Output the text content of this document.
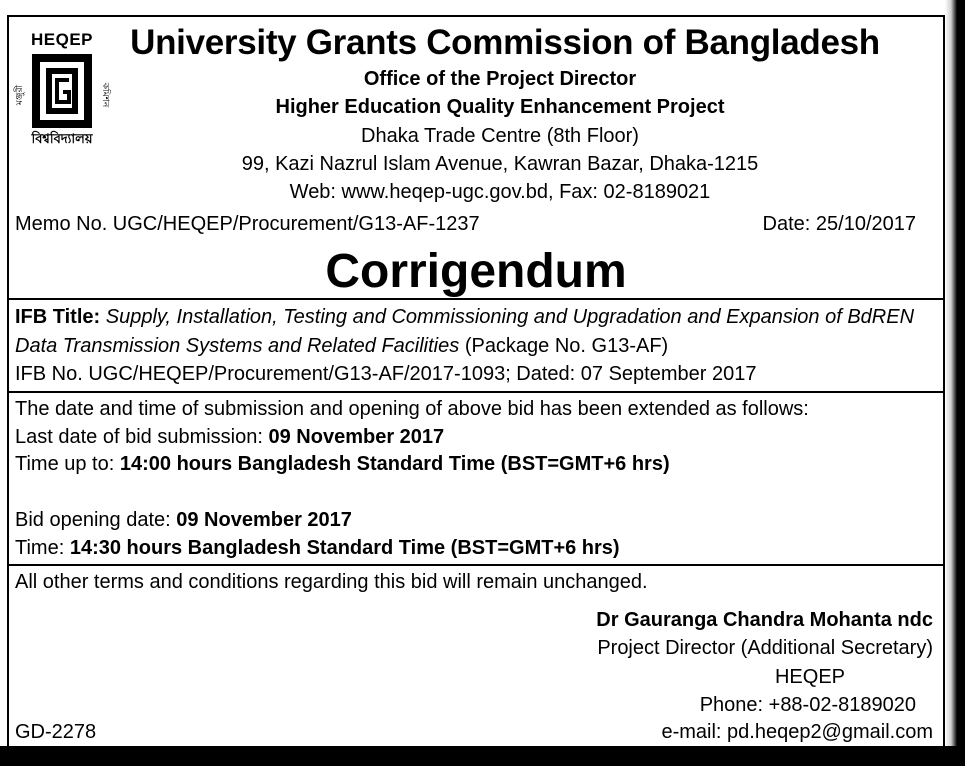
HEQEP
মঞ্জুরী	কমিশন
বিশ্ববিদ্যালয়
University Grants Commission of Bangladesh
Office of the Project Director
Higher Education Quality Enhancement Project
Dhaka Trade Centre (8th Floor)
99, Kazi Nazrul Islam Avenue, Kawran Bazar, Dhaka-1215
Web: www.heqep-ugc.gov.bd, Fax: 02-8189021
Memo No. UGC/HEQEP/Procurement/G13-AF-1237	Date: 25/10/2017
Corrigendum
IFB Title: Supply, Installation, Testing and Commissioning and Upgradation and Expansion of BdREN
Data Transmission Systems and Related Facilities (Package No. G13-AF)
IFB No. UGC/HEQEP/Procurement/G13-AF/2017-1093; Dated: 07 September 2017
The date and time of submission and opening of above bid has been extended as follows:
Last date of bid submission: 09 November 2017
Time up to: 14:00 hours Bangladesh Standard Time (BST=GMT+6 hrs)
Bid opening date: 09 November 2017
Time: 14:30 hours Bangladesh Standard Time (BST=GMT+6 hrs)
All other terms and conditions regarding this bid will remain unchanged.
Dr Gauranga Chandra Mohanta ndc
Project Director (Additional Secretary)
HEQEP
Phone: +88-02-8189020
e-mail: pd.heqep2@gmail.com
GD-2278
